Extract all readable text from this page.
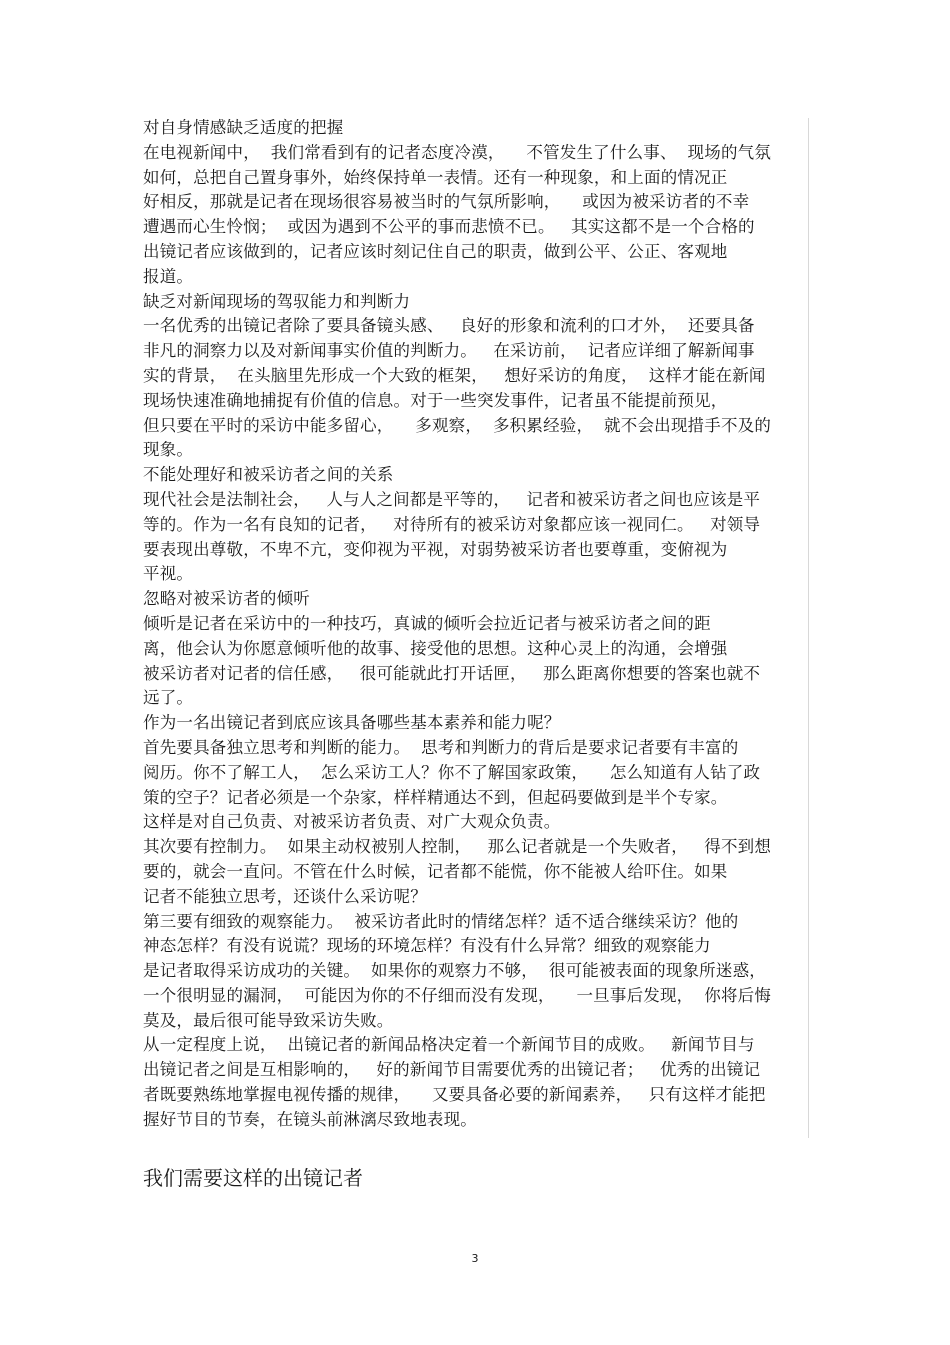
对自身情感缺乏适度的把握
在电视新闻中，  我们常看到有的记者态度冷漠，    不管发生了什么事、  现场的气氛
如何，总把自己置身事外，始终保持单一表情。还有一种现象，和上面的情况正
好相反，那就是记者在现场很容易被当时的气氛所影响，    或因为被采访者的不幸
遭遇而心生怜悯；  或因为遇到不公平的事而悲愤不已。   其实这都不是一个合格的
出镜记者应该做到的，记者应该时刻记住自己的职责，做到公平、公正、客观地
报道。
缺乏对新闻现场的驾驭能力和判断力
一名优秀的出镜记者除了要具备镜头感、   良好的形象和流利的口才外，  还要具备
非凡的洞察力以及对新闻事实价值的判断力。   在采访前，  记者应详细了解新闻事
实的背景，  在头脑里先形成一个大致的框架，   想好采访的角度，  这样才能在新闻
现场快速准确地捕捉有价值的信息。对于一些突发事件，记者虽不能提前预见，
但只要在平时的采访中能多留心，    多观察，  多积累经验，  就不会出现措手不及的
现象。
不能处理好和被采访者之间的关系
现代社会是法制社会，   人与人之间都是平等的，   记者和被采访者之间也应该是平
等的。作为一名有良知的记者，   对待所有的被采访对象都应该一视同仁。   对领导
要表现出尊敬，不卑不亢，变仰视为平视，对弱势被采访者也要尊重，变俯视为
平视。
忽略对被采访者的倾听
倾听是记者在采访中的一种技巧，真诚的倾听会拉近记者与被采访者之间的距
离，他会认为你愿意倾听他的故事、接受他的思想。这种心灵上的沟通，会增强
被采访者对记者的信任感，   很可能就此打开话匣，   那么距离你想要的答案也就不
远了。
作为一名出镜记者到底应该具备哪些基本素养和能力呢？
首先要具备独立思考和判断的能力。  思考和判断力的背后是要求记者要有丰富的
阅历。你不了解工人，  怎么采访工人？你不了解国家政策，    怎么知道有人钻了政
策的空子？记者必须是一个杂家，样样精通达不到，但起码要做到是半个专家。
这样是对自己负责、对被采访者负责、对广大观众负责。
其次要有控制力。  如果主动权被别人控制，   那么记者就是一个失败者，   得不到想
要的，就会一直问。不管在什么时候，记者都不能慌，你不能被人给吓住。如果
记者不能独立思考，还谈什么采访呢？
第三要有细致的观察能力。  被采访者此时的情绪怎样？适不适合继续采访？他的
神态怎样？有没有说谎？现场的环境怎样？有没有什么异常？细致的观察能力
是记者取得采访成功的关键。  如果你的观察力不够，  很可能被表面的现象所迷惑，
一个很明显的漏洞，  可能因为你的不仔细而没有发现，    一旦事后发现，  你将后悔
莫及，最后很可能导致采访失败。
从一定程度上说，  出镜记者的新闻品格决定着一个新闻节目的成败。   新闻节目与
出镜记者之间是互相影响的，   好的新闻节目需要优秀的出镜记者；   优秀的出镜记
者既要熟练地掌握电视传播的规律，    又要具备必要的新闻素养，   只有这样才能把
握好节目的节奏，在镜头前淋漓尽致地表现。
我们需要这样的出镜记者
3
